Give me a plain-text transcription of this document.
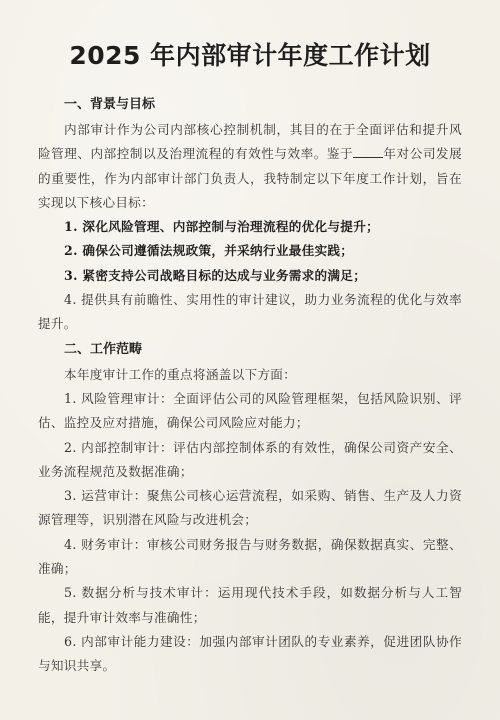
2025 年内部审计年度工作计划
一、背景与目标

内部审计作为公司内部核心控制机制，其目的在于全面评估和提升风险管理、内部控制以及治理流程的有效性与效率。鉴于 年对公司发展的重要性，作为内部审计部门负责人，我特制定以下年度工作计划，旨在实现以下核心目标：

1. 深化风险管理、内部控制与治理流程的优化与提升；

2. 确保公司遵循法规政策，并采纳行业最佳实践；

3. 紧密支持公司战略目标的达成与业务需求的满足；

4. 提供具有前瞻性、实用性的审计建议，助力业务流程的优化与效率提升。

二、工作范畴

本年度审计工作的重点将涵盖以下方面：

1. 风险管理审计：全面评估公司的风险管理框架，包括风险识别、评估、监控及应对措施，确保公司风险应对能力；

2. 内部控制审计：评估内部控制体系的有效性，确保公司资产安全、业务流程规范及数据准确；

3. 运营审计：聚焦公司核心运营流程，如采购、销售、生产及人力资源管理等，识别潜在风险与改进机会；

4. 财务审计：审核公司财务报告与财务数据，确保数据真实、完整、准确；

5. 数据分析与技术审计：运用现代技术手段，如数据分析与人工智能，提升审计效率与准确性；

6. 内部审计能力建设：加强内部审计团队的专业素养，促进团队协作与知识共享。
